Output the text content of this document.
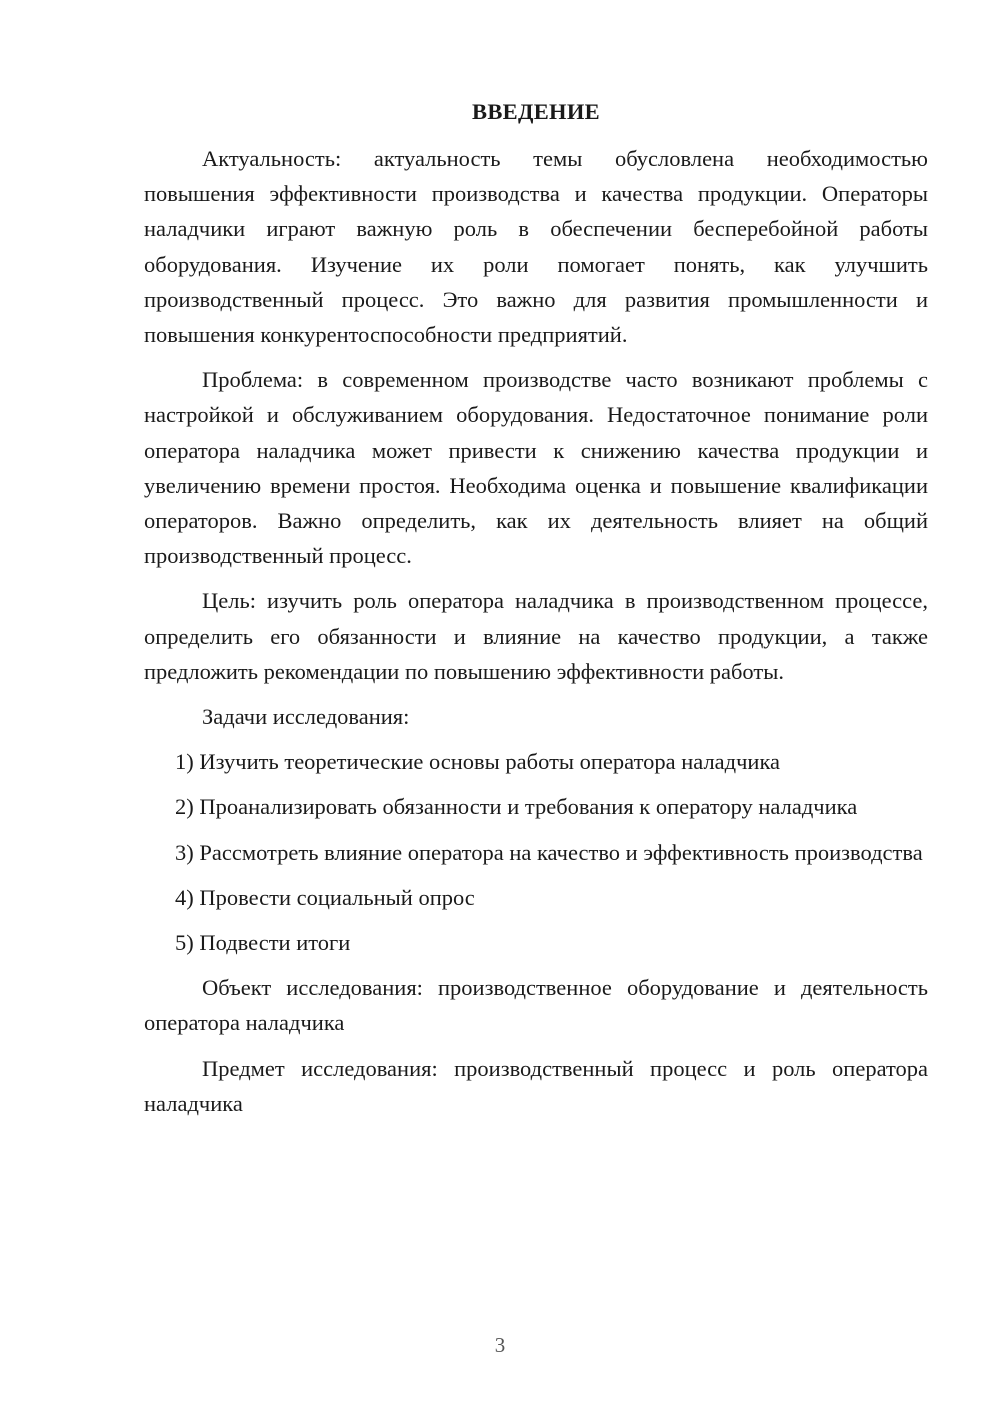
ВВЕДЕНИЕ

Актуальность: актуальность темы обусловлена необходимостью повышения эффективности производства и качества продукции. Операторы наладчики играют важную роль в обеспечении бесперебойной работы оборудования. Изучение их роли помогает понять, как улучшить производственный процесс. Это важно для развития промышленности и повышения конкурентоспособности предприятий.

Проблема: в современном производстве часто возникают проблемы с настройкой и обслуживанием оборудования. Недостаточное понимание роли оператора наладчика может привести к снижению качества продукции и увеличению времени простоя. Необходима оценка и повышение квалификации операторов. Важно определить, как их деятельность влияет на общий производственный процесс.

Цель: изучить роль оператора наладчика в производственном процессе, определить его обязанности и влияние на качество продукции, а также предложить рекомендации по повышению эффективности работы.

Задачи исследования:

1) Изучить теоретические основы работы оператора наладчика

2) Проанализировать обязанности и требования к оператору наладчика

3) Рассмотреть влияние оператора на качество и эффективность производства

4) Провести социальный опрос

5) Подвести итоги

Объект исследования: производственное оборудование и деятельность оператора наладчика

Предмет исследования: производственный процесс и роль оператора наладчика

3
